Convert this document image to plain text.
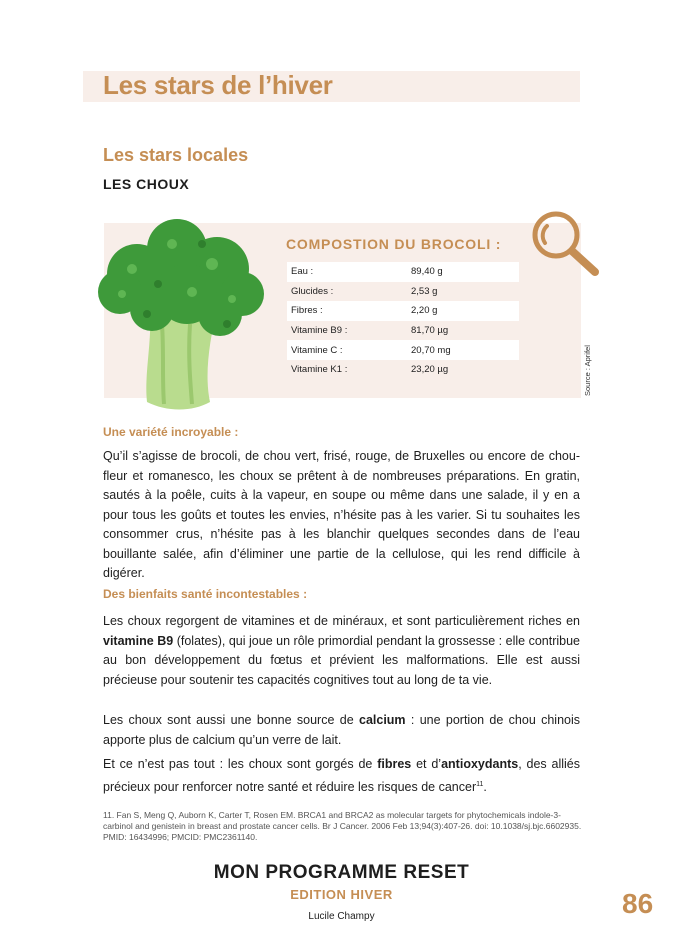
Les stars de l’hiver
Les stars locales
LES CHOUX
COMPOSTION DU BROCOLI :
Eau :	89,40 g
Glucides :	2,53 g
Fibres :	2,20 g
Vitamine B9 :	81,70 µg
Vitamine C :	20,70 mg
Vitamine K1 :	23,20 µg	Source : Aprifel
Une variété incroyable :
Qu’il s’agisse de brocoli, de chou vert, frisé, rouge, de Bruxelles ou encore de chou-fleur et romanesco, les choux se prêtent à de nombreuses préparations. En gratin, sautés à la poêle, cuits à la vapeur, en soupe ou même dans une salade, il y en a pour tous les goûts et toutes les envies, n’hésite pas à les varier. Si tu souhaites les consommer crus, n’hésite pas à les blanchir quelques secondes dans de l’eau bouillante salée, afin d’éliminer une partie de la cellulose, qui les rend difficile à digérer.
Des bienfaits santé incontestables :
Les choux regorgent de vitamines et de minéraux, et sont particulièrement riches en vitamine B9 (folates), qui joue un rôle primordial pendant la grossesse : elle contribue au bon développement du fœtus et prévient les malformations. Elle est aussi précieuse pour soutenir tes capacités cognitives tout au long de ta vie.
Les choux sont aussi une bonne source de calcium : une portion de chou chinois apporte plus de calcium qu’un verre de lait.
Et ce n’est pas tout : les choux sont gorgés de fibres et d’antioxydants, des alliés précieux pour renforcer notre santé et réduire les risques de cancer$^{11}$.
11. Fan S, Meng Q, Auborn K, Carter T, Rosen EM. BRCA1 and BRCA2 as molecular targets for phytochemicals indole-3-carbinol and genistein in breast and prostate cancer cells. Br J Cancer. 2006 Feb 13;94(3):407-26. doi: 10.1038/sj.bjc.6602935. PMID: 16434996; PMCID: PMC2361140.
MON PROGRAMME RESET
EDITION HIVER
Lucile Champy	86
